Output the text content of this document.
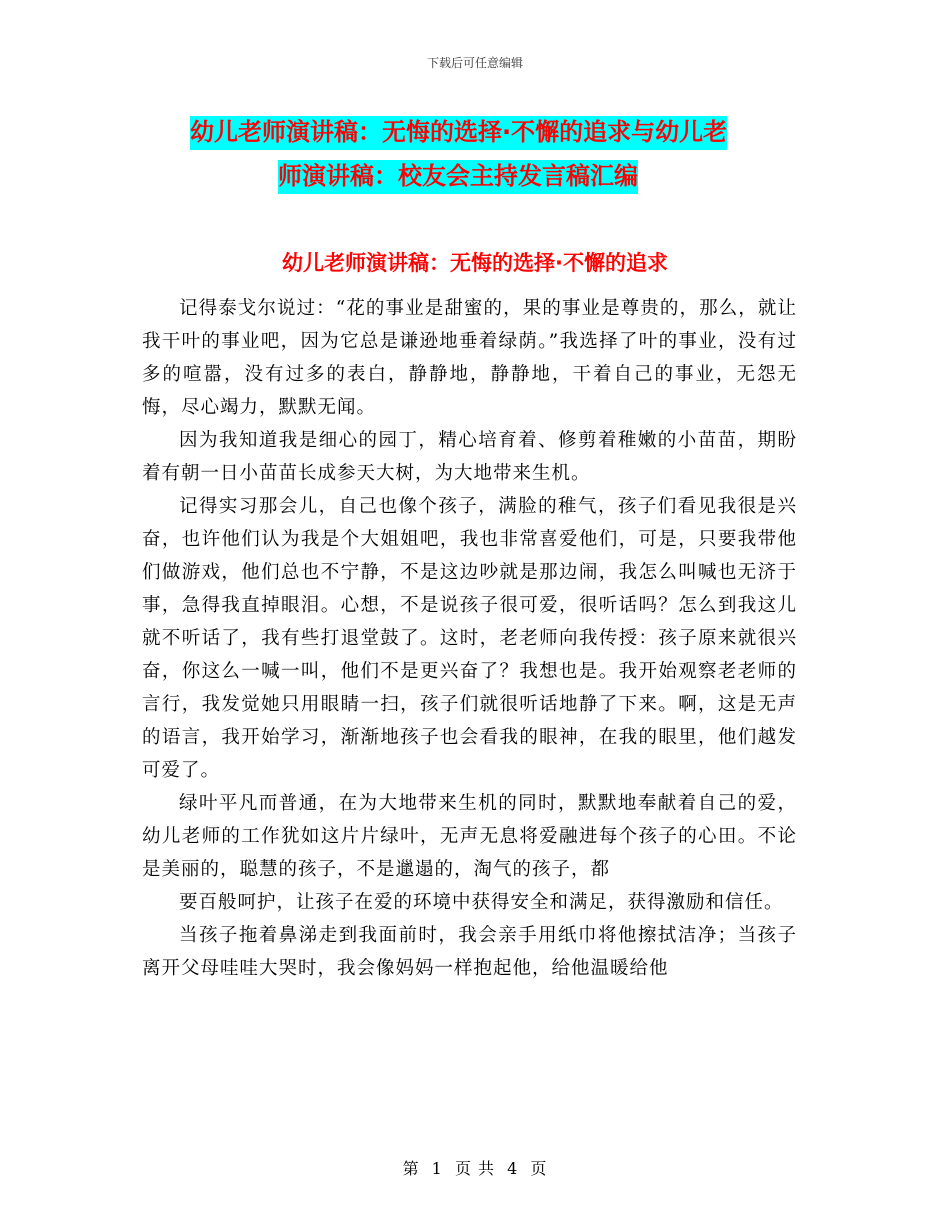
下载后可任意编辑
幼儿老师演讲稿：无悔的选择·不懈的追求与幼儿老
师演讲稿：校友会主持发言稿汇编
幼儿老师演讲稿：无悔的选择·不懈的追求

记得泰戈尔说过：“花的事业是甜蜜的，果的事业是尊贵的，那么，就让我干叶的事业吧，因为它总是谦逊地垂着绿荫。”我选择了叶的事业，没有过多的喧嚣，没有过多的表白，静静地，静静地，干着自己的事业，无怨无悔，尽心竭力，默默无闻。

因为我知道我是细心的园丁，精心培育着、修剪着稚嫩的小苗苗，期盼着有朝一日小苗苗长成参天大树，为大地带来生机。

记得实习那会儿，自己也像个孩子，满脸的稚气，孩子们看见我很是兴奋，也许他们认为我是个大姐姐吧，我也非常喜爱他们，可是，只要我带他们做游戏，他们总也不宁静，不是这边吵就是那边闹，我怎么叫喊也无济于事，急得我直掉眼泪。心想，不是说孩子很可爱，很听话吗？怎么到我这儿就不听话了，我有些打退堂鼓了。这时，老老师向我传授：孩子原来就很兴奋，你这么一喊一叫，他们不是更兴奋了？我想也是。我开始观察老老师的言行，我发觉她只用眼睛一扫，孩子们就很听话地静了下来。啊，这是无声的语言，我开始学习，渐渐地孩子也会看我的眼神，在我的眼里，他们越发可爱了。

绿叶平凡而普通，在为大地带来生机的同时，默默地奉献着自己的爱，幼儿老师的工作犹如这片片绿叶，无声无息将爱融进每个孩子的心田。不论是美丽的，聪慧的孩子，不是邋遢的，淘气的孩子，都

要百般呵护，让孩子在爱的环境中获得安全和满足，获得激励和信任。

当孩子拖着鼻涕走到我面前时，我会亲手用纸巾将他擦拭洁净；当孩子离开父母哇哇大哭时，我会像妈妈一样抱起他，给他温暖给他

第 1 页 共 4 页
